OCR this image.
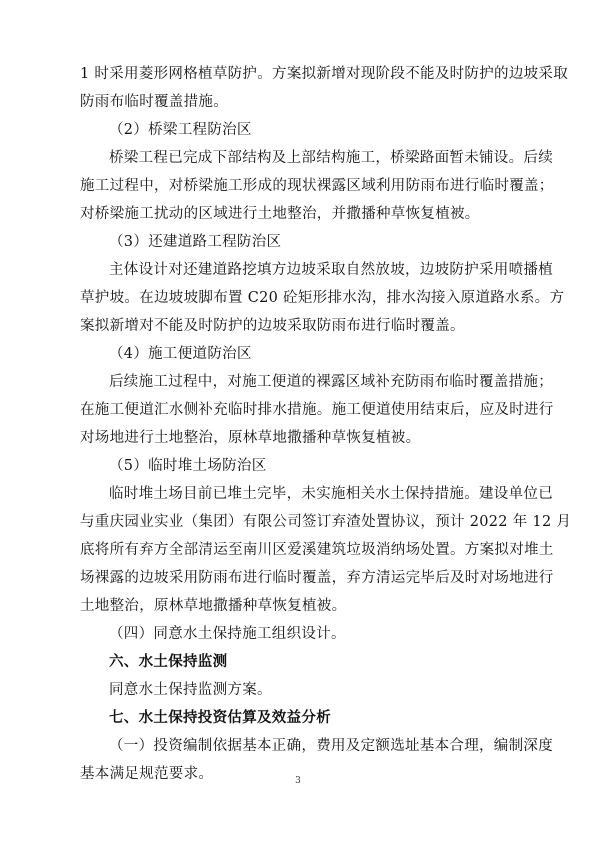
1 时采用菱形网格植草防护。方案拟新增对现阶段不能及时防护的边坡采取
防雨布临时覆盖措施。
（2）桥梁工程防治区
桥梁工程已完成下部结构及上部结构施工，桥梁路面暂未铺设。后续
施工过程中，对桥梁施工形成的现状裸露区域利用防雨布进行临时覆盖；
对桥梁施工扰动的区域进行土地整治，并撒播种草恢复植被。
（3）还建道路工程防治区
主体设计对还建道路挖填方边坡采取自然放坡，边坡防护采用喷播植
草护坡。在边坡坡脚布置 C20 砼矩形排水沟，排水沟接入原道路水系。方
案拟新增对不能及时防护的边坡采取防雨布进行临时覆盖。
（4）施工便道防治区
后续施工过程中，对施工便道的裸露区域补充防雨布临时覆盖措施；
在施工便道汇水侧补充临时排水措施。施工便道使用结束后，应及时进行
对场地进行土地整治，原林草地撒播种草恢复植被。
（5）临时堆土场防治区
临时堆土场目前已堆土完毕，未实施相关水土保持措施。建设单位已
与重庆园业实业（集团）有限公司签订弃渣处置协议，预计 2022 年 12 月
底将所有弃方全部清运至南川区爱溪建筑垃圾消纳场处置。方案拟对堆土
场裸露的边坡采用防雨布进行临时覆盖，弃方清运完毕后及时对场地进行
土地整治，原林草地撒播种草恢复植被。
（四）同意水土保持施工组织设计。
六、水土保持监测
同意水土保持监测方案。
七、水土保持投资估算及效益分析
（一）投资编制依据基本正确，费用及定额选址基本合理，编制深度
基本满足规范要求。	3
